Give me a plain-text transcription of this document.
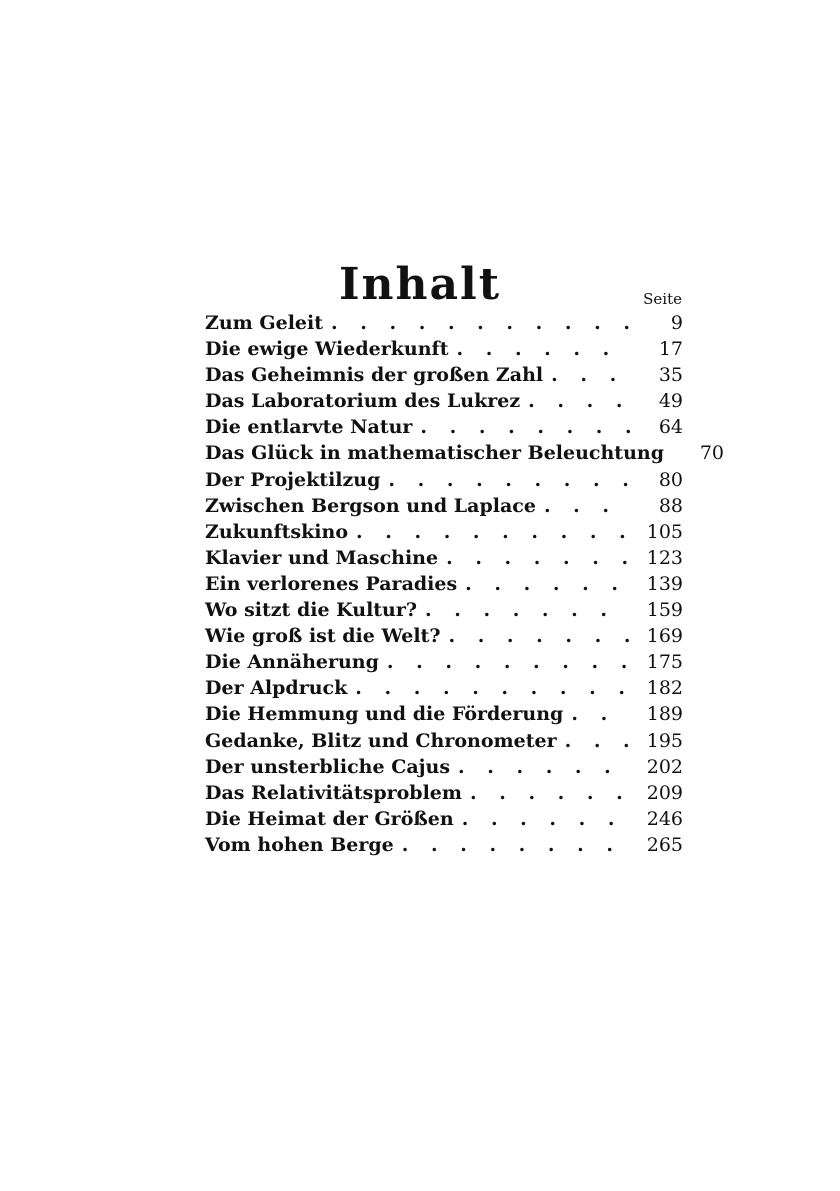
Inhalt	Seite
Zum Geleit . . .	9
Die ewige Wiederkunft . . .	17
Das Geheimnis der großen Zahl . . .	35
Das Laboratorium des Lukrez . . .	49
Die entlarvte Natur . . .	64
Das Glück in mathematischer Beleuchtung	70
Der Projektilzug . . .	80
Zwischen Bergson und Laplace . . .	88
Zukunftskino . . .	105
Klavier und Maschine . . .	123
Ein verlorenes Paradies . . .	139
Wo sitzt die Kultur? . . .	159
Wie groß ist die Welt? . . .	169
Die Annäherung . . .	175
Der Alpdruck . . .	182
Die Hemmung und die Förderung . . .	189
Gedanke, Blitz und Chronometer . . .	195
Der unsterbliche Cajus . . .	202
Das Relativitätsproblem . . .	209
Die Heimat der Größen . . .	246
Vom hohen Berge . . .	265
